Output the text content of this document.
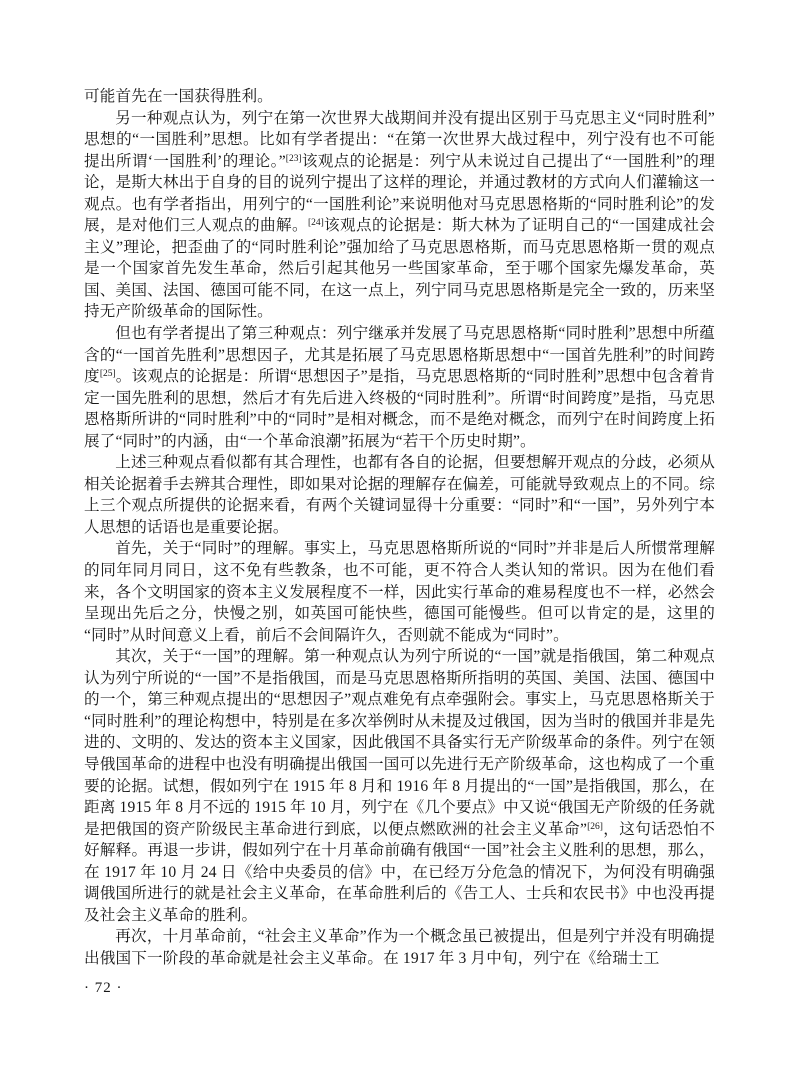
可能首先在一国获得胜利。

另一种观点认为，列宁在第一次世界大战期间并没有提出区别于马克思主义“同时胜利”思想的“一国胜利”思想。比如有学者提出：“在第一次世界大战过程中，列宁没有也不可能提出所谓‘一国胜利’的理论。”[23]该观点的论据是：列宁从未说过自己提出了“一国胜利”的理论，是斯大林出于自身的目的说列宁提出了这样的理论，并通过教材的方式向人们灌输这一观点。也有学者指出，用列宁的“一国胜利论”来说明他对马克思恩格斯的“同时胜利论”的发展，是对他们三人观点的曲解。[24]该观点的论据是：斯大林为了证明自己的“一国建成社会主义”理论，把歪曲了的“同时胜利论”强加给了马克思恩格斯，而马克思恩格斯一贯的观点是一个国家首先发生革命，然后引起其他另一些国家革命，至于哪个国家先爆发革命，英国、美国、法国、德国可能不同，在这一点上，列宁同马克思恩格斯是完全一致的，历来坚持无产阶级革命的国际性。

但也有学者提出了第三种观点：列宁继承并发展了马克思恩格斯“同时胜利”思想中所蕴含的“一国首先胜利”思想因子，尤其是拓展了马克思恩格斯思想中“一国首先胜利”的时间跨度[25]。该观点的论据是：所谓“思想因子”是指，马克思恩格斯的“同时胜利”思想中包含着肯定一国先胜利的思想，然后才有先后进入终极的“同时胜利”。所谓“时间跨度”是指，马克思恩格斯所讲的“同时胜利”中的“同时”是相对概念，而不是绝对概念，而列宁在时间跨度上拓展了“同时”的内涵，由“一个革命浪潮”拓展为“若干个历史时期”。

上述三种观点看似都有其合理性，也都有各自的论据，但要想解开观点的分歧，必须从相关论据着手去辨其合理性，即如果对论据的理解存在偏差，可能就导致观点上的不同。综上三个观点所提供的论据来看，有两个关键词显得十分重要：“同时”和“一国”，另外列宁本人思想的话语也是重要论据。

首先，关于“同时”的理解。事实上，马克思恩格斯所说的“同时”并非是后人所惯常理解的同年同月同日，这不免有些教条，也不可能，更不符合人类认知的常识。因为在他们看来，各个文明国家的资本主义发展程度不一样，因此实行革命的难易程度也不一样，必然会呈现出先后之分，快慢之别，如英国可能快些，德国可能慢些。但可以肯定的是，这里的“同时”从时间意义上看，前后不会间隔许久，否则就不能成为“同时”。

其次，关于“一国”的理解。第一种观点认为列宁所说的“一国”就是指俄国，第二种观点认为列宁所说的“一国”不是指俄国，而是马克思恩格斯所指明的英国、美国、法国、德国中的一个，第三种观点提出的“思想因子”观点难免有点牵强附会。事实上，马克思恩格斯关于“同时胜利”的理论构想中，特别是在多次举例时从未提及过俄国，因为当时的俄国并非是先进的、文明的、发达的资本主义国家，因此俄国不具备实行无产阶级革命的条件。列宁在领导俄国革命的进程中也没有明确提出俄国一国可以先进行无产阶级革命，这也构成了一个重要的论据。试想，假如列宁在 1915 年 8 月和 1916 年 8 月提出的“一国”是指俄国，那么，在距离 1915 年 8 月不远的 1915 年 10 月，列宁在《几个要点》中又说“俄国无产阶级的任务就是把俄国的资产阶级民主革命进行到底，以便点燃欧洲的社会主义革命”[26]，这句话恐怕不好解释。再退一步讲，假如列宁在十月革命前确有俄国“一国”社会主义胜利的思想，那么，在 1917 年 10 月 24 日《给中央委员的信》中，在已经万分危急的情况下，为何没有明确强调俄国所进行的就是社会主义革命，在革命胜利后的《告工人、士兵和农民书》中也没再提及社会主义革命的胜利。

再次，十月革命前，“社会主义革命”作为一个概念虽已被提出，但是列宁并没有明确提出俄国下一阶段的革命就是社会主义革命。在 1917 年 3 月中旬，列宁在《给瑞士工

· 72 ·
